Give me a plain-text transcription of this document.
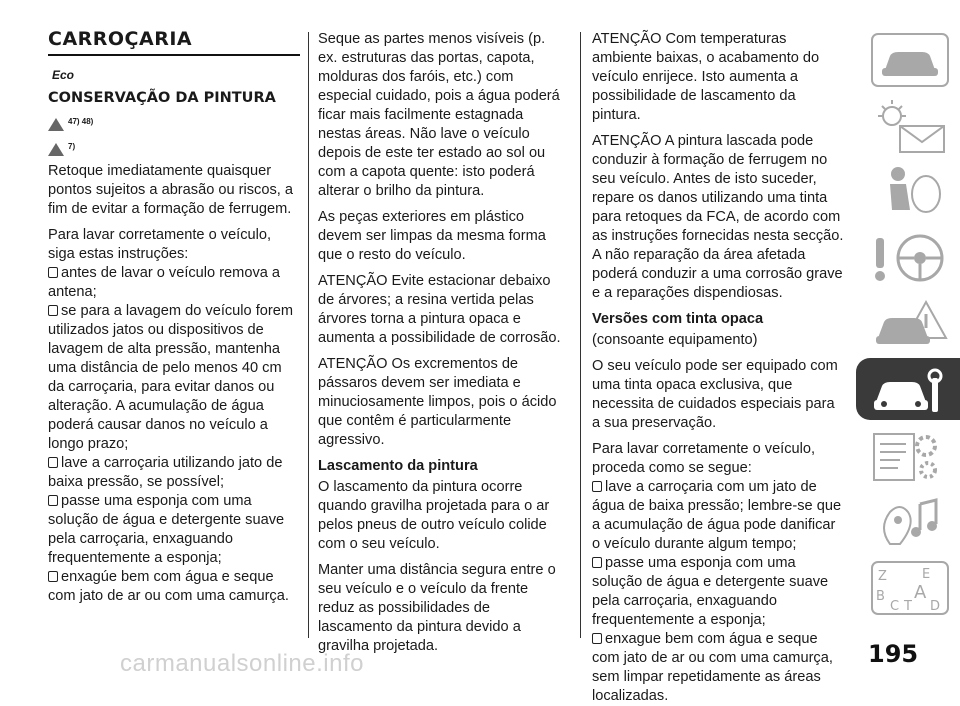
CARROÇARIA
Eco
CONSERVAÇÃO DA PINTURA
47) 48)
7)

Retoque imediatamente quaisquer pontos sujeitos a abrasão ou riscos, a fim de evitar a formação de ferrugem.

Para lavar corretamente o veículo, siga estas instruções:

antes de lavar o veículo remova a antena;
se para a lavagem do veículo forem utilizados jatos ou dispositivos de lavagem de alta pressão, mantenha uma distância de pelo menos 40 cm da carroçaria, para evitar danos ou alteração. A acumulação de água poderá causar danos no veículo a longo prazo;
lave a carroçaria utilizando jato de baixa pressão, se possível;
passe uma esponja com uma solução de água e detergente suave pela carroçaria, enxaguando frequentemente a esponja;
enxagúe bem com água e seque com jato de ar ou com uma camurça.

Seque as partes menos visíveis (p. ex. estruturas das portas, capota, molduras dos faróis, etc.) com especial cuidado, pois a água poderá ficar mais facilmente estagnada nestas áreas. Não lave o veículo depois de este ter estado ao sol ou com a capota quente: isto poderá alterar o brilho da pintura.

As peças exteriores em plástico devem ser limpas da mesma forma que o resto do veículo.

ATENÇÃO Evite estacionar debaixo de árvores; a resina vertida pelas árvores torna a pintura opaca e aumenta a possibilidade de corrosão.

ATENÇÃO Os excrementos de pássaros devem ser imediata e minuciosamente limpos, pois o ácido que contêm é particularmente agressivo.

Lascamento da pintura

O lascamento da pintura ocorre quando gravilha projetada para o ar pelos pneus de outro veículo colide com o seu veículo.

Manter uma distância segura entre o seu veículo e o veículo da frente reduz as possibilidades de lascamento da pintura devido a gravilha projetada.

ATENÇÃO Com temperaturas ambiente baixas, o acabamento do veículo enrijece. Isto aumenta a possibilidade de lascamento da pintura.

ATENÇÃO A pintura lascada pode conduzir à formação de ferrugem no seu veículo. Antes de isto suceder, repare os danos utilizando uma tinta para retoques da FCA, de acordo com as instruções fornecidas nesta secção. A não reparação da área afetada poderá conduzir a uma corrosão grave e a reparações dispendiosas.

Versões com tinta opaca

(consoante equipamento)

O seu veículo pode ser equipado com uma tinta opaca exclusiva, que necessita de cuidados especiais para a sua preservação.

Para lavar corretamente o veículo, proceda como se segue:

lave a carroçaria com um jato de água de baixa pressão; lembre-se que a acumulação de água pode danificar o veículo durante algum tempo;
passe uma esponja com uma solução de água e detergente suave pela carroçaria, enxaguando frequentemente a esponja;
enxague bem com água e seque com jato de ar ou com uma camurça, sem limpar repetidamente as áreas localizadas.
Z	E
B A
C T D
carmanualsonline.info	195
